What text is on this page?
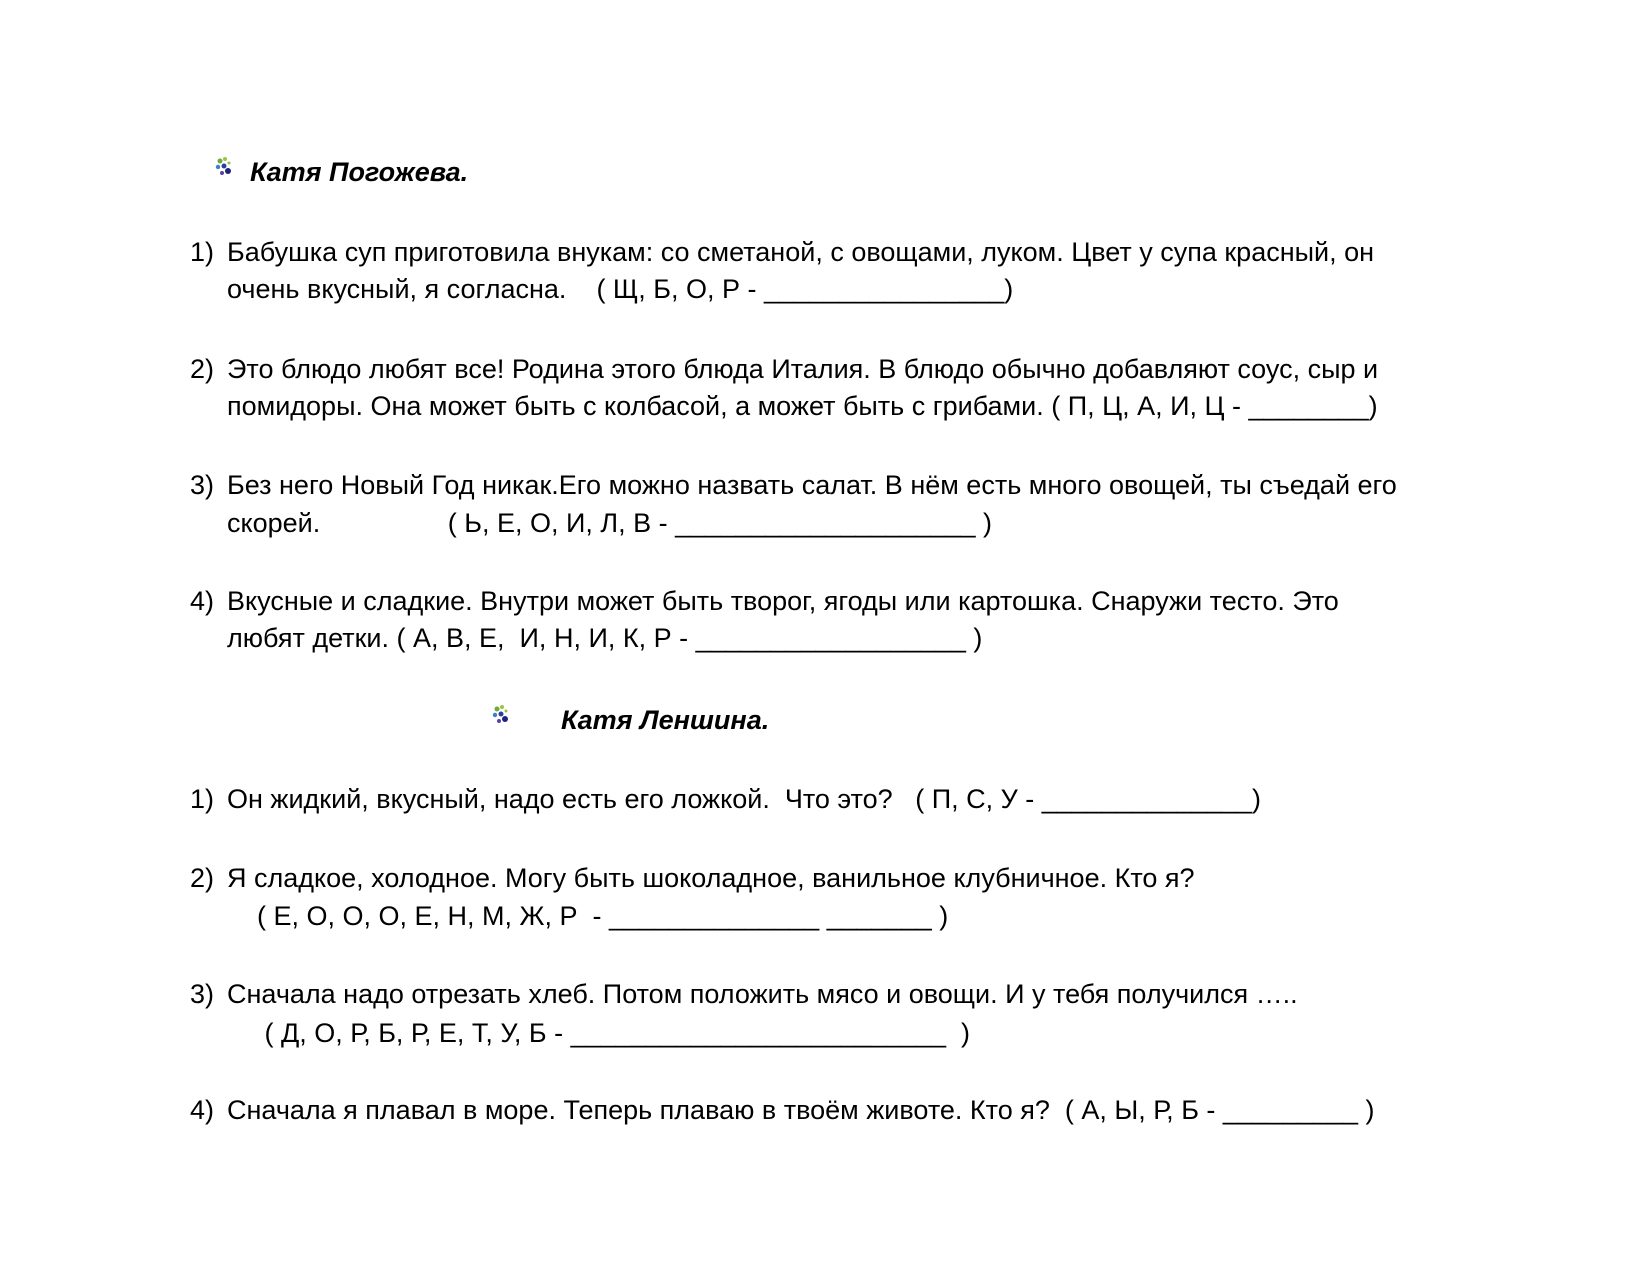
Катя Погожева.
1) Бабушка суп приготовила внукам: со сметаной, с овощами, луком. Цвет у супа красный, он
очень вкусный, я согласна.    ( Щ, Б, О, Р - ________________)
2) Это блюдо любят все! Родина этого блюда Италия. В блюдо обычно добавляют соус, сыр и
помидоры. Она может быть с колбасой, а может быть с грибами. ( П, Ц, А, И, Ц - ________)
3) Без него Новый Год никак.Его можно назвать салат. В нём есть много овощей, ты съедай его
скорей.                 ( Ь, Е, О, И, Л, В - ____________________ )
4) Вкусные и сладкие. Внутри может быть творог, ягоды или картошка. Снаружи тесто. Это
любят детки. ( А, В, Е,  И, Н, И, К, Р - __________________ )
Катя Леншина.
1) Он жидкий, вкусный, надо есть его ложкой.  Что это?   ( П, С, У - ______________)
2) Я сладкое, холодное. Могу быть шоколадное, ванильное клубничное. Кто я?
( Е, О, О, О, Е, Н, М, Ж, Р  - ______________ _______ )
3) Сначала надо отрезать хлеб. Потом положить мясо и овощи. И у тебя получился …..
( Д, О, Р, Б, Р, Е, Т, У, Б - _________________________  )
4) Сначала я плавал в море. Теперь плаваю в твоём животе. Кто я?  ( А, Ы, Р, Б - _________ )
